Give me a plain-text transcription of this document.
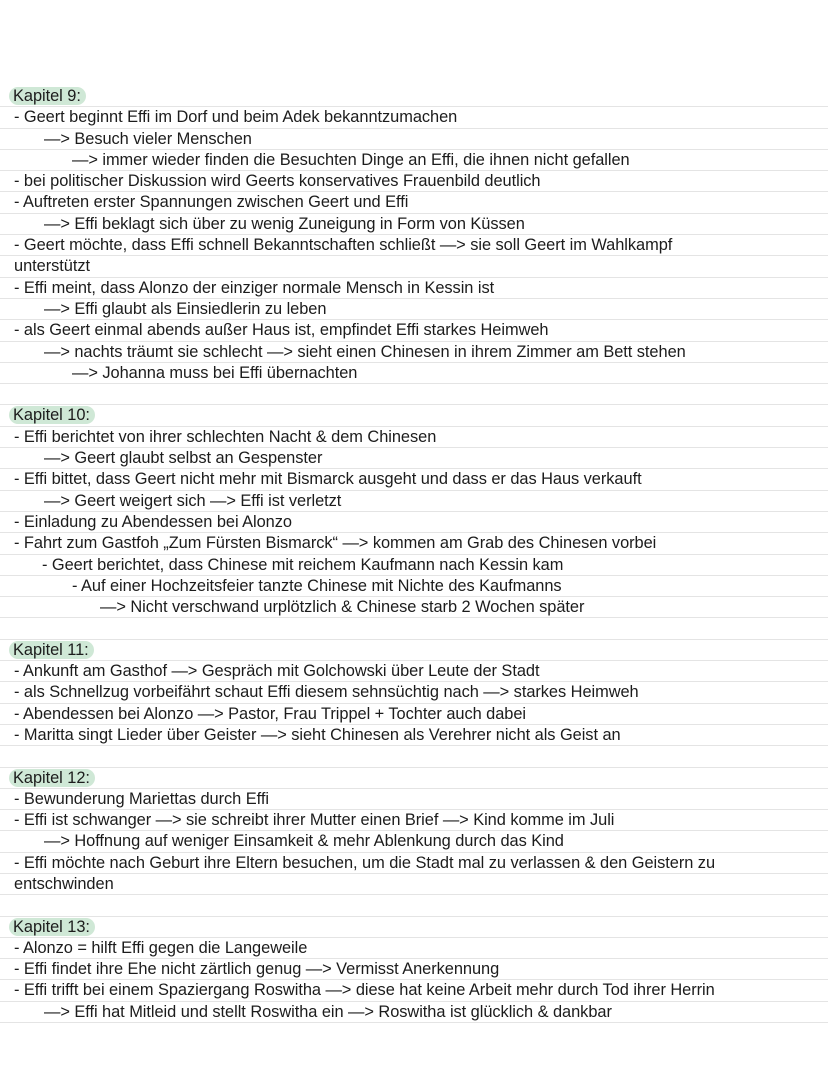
Kapitel 9:
- Geert beginnt Effi im Dorf und beim Adek bekanntzumachen
—> Besuch vieler Menschen
—> immer wieder finden die Besuchten Dinge an Effi, die ihnen nicht gefallen
- bei politischer Diskussion wird Geerts konservatives Frauenbild deutlich
- Auftreten erster Spannungen zwischen Geert und Effi
—> Effi beklagt sich über zu wenig Zuneigung in Form von Küssen
- Geert möchte, dass Effi schnell Bekanntschaften schließt —> sie soll Geert im Wahlkampf
unterstützt
- Effi meint, dass Alonzo der einziger normale Mensch in Kessin ist
—> Effi glaubt als Einsiedlerin zu leben
- als Geert einmal abends außer Haus ist, empfindet Effi starkes Heimweh
—> nachts träumt sie schlecht —> sieht einen Chinesen in ihrem Zimmer am Bett stehen
—> Johanna muss bei Effi übernachten
Kapitel 10:
- Effi berichtet von ihrer schlechten Nacht & dem Chinesen
—> Geert glaubt selbst an Gespenster
- Effi bittet, dass Geert nicht mehr mit Bismarck ausgeht und dass er das Haus verkauft
—> Geert weigert sich —> Effi ist verletzt
- Einladung zu Abendessen bei Alonzo
- Fahrt zum Gastfoh „Zum Fürsten Bismarck“ —> kommen am Grab des Chinesen vorbei
- Geert berichtet, dass Chinese mit reichem Kaufmann nach Kessin kam
- Auf einer Hochzeitsfeier tanzte Chinese mit Nichte des Kaufmanns
—> Nicht verschwand urplötzlich & Chinese starb 2 Wochen später
Kapitel 11:
- Ankunft am Gasthof —> Gespräch mit Golchowski über Leute der Stadt
- als Schnellzug vorbeifährt schaut Effi diesem sehnsüchtig nach —> starkes Heimweh
- Abendessen bei Alonzo —> Pastor, Frau Trippel + Tochter auch dabei
- Maritta singt Lieder über Geister —> sieht Chinesen als Verehrer nicht als Geist an
Kapitel 12:
- Bewunderung Mariettas durch Effi
- Effi ist schwanger —> sie schreibt ihrer Mutter einen Brief —> Kind komme im Juli
—> Hoffnung auf weniger Einsamkeit & mehr Ablenkung durch das Kind
- Effi möchte nach Geburt ihre Eltern besuchen, um die Stadt mal zu verlassen & den Geistern zu
entschwinden
Kapitel 13:
- Alonzo = hilft Effi gegen die Langeweile
- Effi findet ihre Ehe nicht zärtlich genug —> Vermisst Anerkennung
- Effi trifft bei einem Spaziergang Roswitha —> diese hat keine Arbeit mehr durch Tod ihrer Herrin
—> Effi hat Mitleid und stellt Roswitha ein —> Roswitha ist glücklich & dankbar
